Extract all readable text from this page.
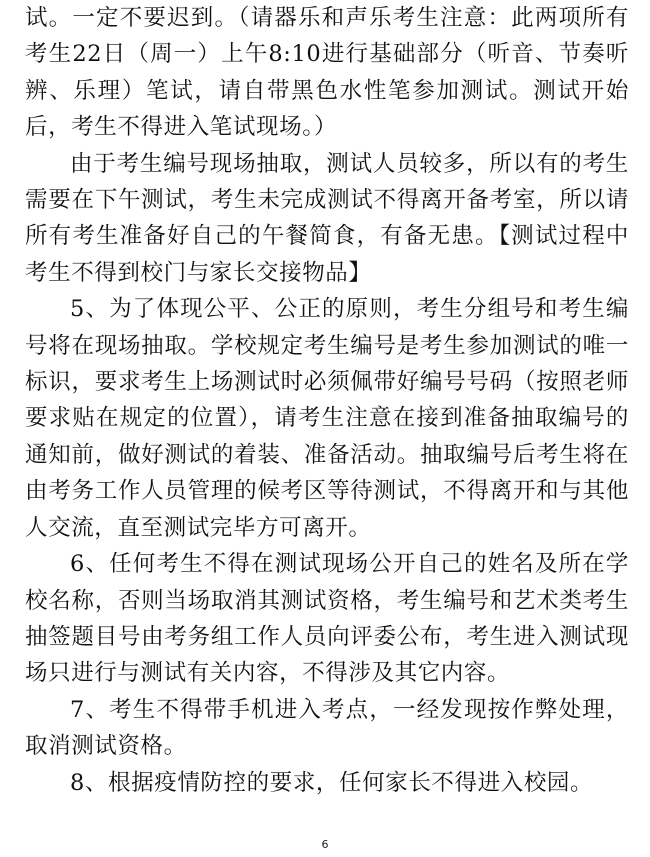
试。一定不要迟到。（请器乐和声乐考生注意：此两项所有考生22日（周一）上午8:10进行基础部分（听音、节奏听辨、乐理）笔试，请自带黑色水性笔参加测试。测试开始后，考生不得进入笔试现场。）

由于考生编号现场抽取，测试人员较多，所以有的考生需要在下午测试，考生未完成测试不得离开备考室，所以请所有考生准备好自己的午餐简食，有备无患。【测试过程中考生不得到校门与家长交接物品】

5、为了体现公平、公正的原则，考生分组号和考生编号将在现场抽取。学校规定考生编号是考生参加测试的唯一标识，要求考生上场测试时必须佩带好编号号码（按照老师要求贴在规定的位置），请考生注意在接到准备抽取编号的通知前，做好测试的着装、准备活动。抽取编号后考生将在由考务工作人员管理的候考区等待测试，不得离开和与其他人交流，直至测试完毕方可离开。

6、任何考生不得在测试现场公开自己的姓名及所在学校名称，否则当场取消其测试资格，考生编号和艺术类考生抽签题目号由考务组工作人员向评委公布，考生进入测试现场只进行与测试有关内容，不得涉及其它内容。

7、考生不得带手机进入考点，一经发现按作弊处理，取消测试资格。

8、根据疫情防控的要求，任何家长不得进入校园。

6
